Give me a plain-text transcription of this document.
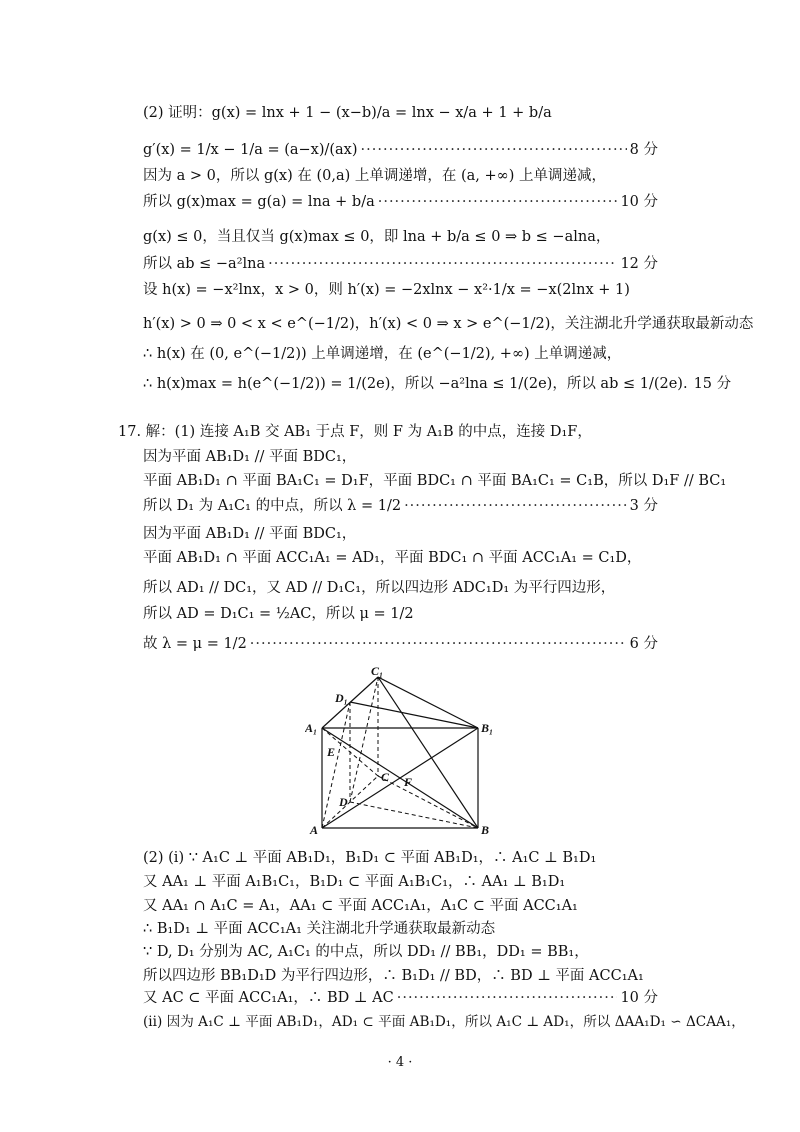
(2) 证明：g(x) = lnx + 1 − (x−b)/a = lnx − x/a + 1 + b/a
g′(x) = 1/x − 1/a = (a−x)/(ax) ·····	8 分
因为 a > 0，所以 g(x) 在 (0,a) 上单调递增，在 (a, +∞) 上单调递减，
所以 g(x)max = g(a) = lna + b/a ·····	10 分
g(x) ≤ 0，当且仅当 g(x)max ≤ 0，即 lna + b/a ≤ 0 ⇒ b ≤ −alna，
所以 ab ≤ −a²lna ·····	12 分
设 h(x) = −x²lnx，x > 0，则 h′(x) = −2xlnx − x²·1/x = −x(2lnx + 1)
h′(x) > 0 ⇒ 0 < x < e^(−1/2)，h′(x) < 0 ⇒ x > e^(−1/2)，关注湖北升学通获取最新动态
∴ h(x) 在 (0, e^(−1/2)) 上单调递增，在 (e^(−1/2), +∞) 上单调递减，
∴ h(x)max = h(e^(−1/2)) = 1/(2e)，所以 −a²lna ≤ 1/(2e)，所以 ab ≤ 1/(2e). 15 分
17. 解：(1) 连接 A₁B 交 AB₁ 于点 F，则 F 为 A₁B 的中点，连接 D₁F，
因为平面 AB₁D₁ // 平面 BDC₁，
平面 AB₁D₁ ∩ 平面 BA₁C₁ = D₁F，平面 BDC₁ ∩ 平面 BA₁C₁ = C₁B，所以 D₁F // BC₁
所以 D₁ 为 A₁C₁ 的中点，所以 λ = 1/2 ·····	3 分
因为平面 AB₁D₁ // 平面 BDC₁，
平面 AB₁D₁ ∩ 平面 ACC₁A₁ = AD₁，平面 BDC₁ ∩ 平面 ACC₁A₁ = C₁D，
所以 AD₁ // DC₁，又 AD // D₁C₁，所以四边形 ADC₁D₁ 为平行四边形，
所以 AD = D₁C₁ = ½AC，所以 μ = 1/2
故 λ = μ = 1/2 ·····	6 分
C₁
D₁
A₁	B₁
E
C F
D
A	B
(2) (i) ∵ A₁C ⊥ 平面 AB₁D₁，B₁D₁ ⊂ 平面 AB₁D₁，∴ A₁C ⊥ B₁D₁
又 AA₁ ⊥ 平面 A₁B₁C₁，B₁D₁ ⊂ 平面 A₁B₁C₁，∴ AA₁ ⊥ B₁D₁
又 AA₁ ∩ A₁C = A₁，AA₁ ⊂ 平面 ACC₁A₁，A₁C ⊂ 平面 ACC₁A₁
∴ B₁D₁ ⊥ 平面 ACC₁A₁ 关注湖北升学通获取最新动态
∵ D, D₁ 分别为 AC, A₁C₁ 的中点，所以 DD₁ // BB₁，DD₁ = BB₁，
所以四边形 BB₁D₁D 为平行四边形，∴ B₁D₁ // BD，∴ BD ⊥ 平面 ACC₁A₁
又 AC ⊂ 平面 ACC₁A₁，∴ BD ⊥ AC ·····	10 分
(ii) 因为 A₁C ⊥ 平面 AB₁D₁，AD₁ ⊂ 平面 AB₁D₁，所以 A₁C ⊥ AD₁，所以 ΔAA₁D₁ ∽ ΔCAA₁，
· 4 ·
